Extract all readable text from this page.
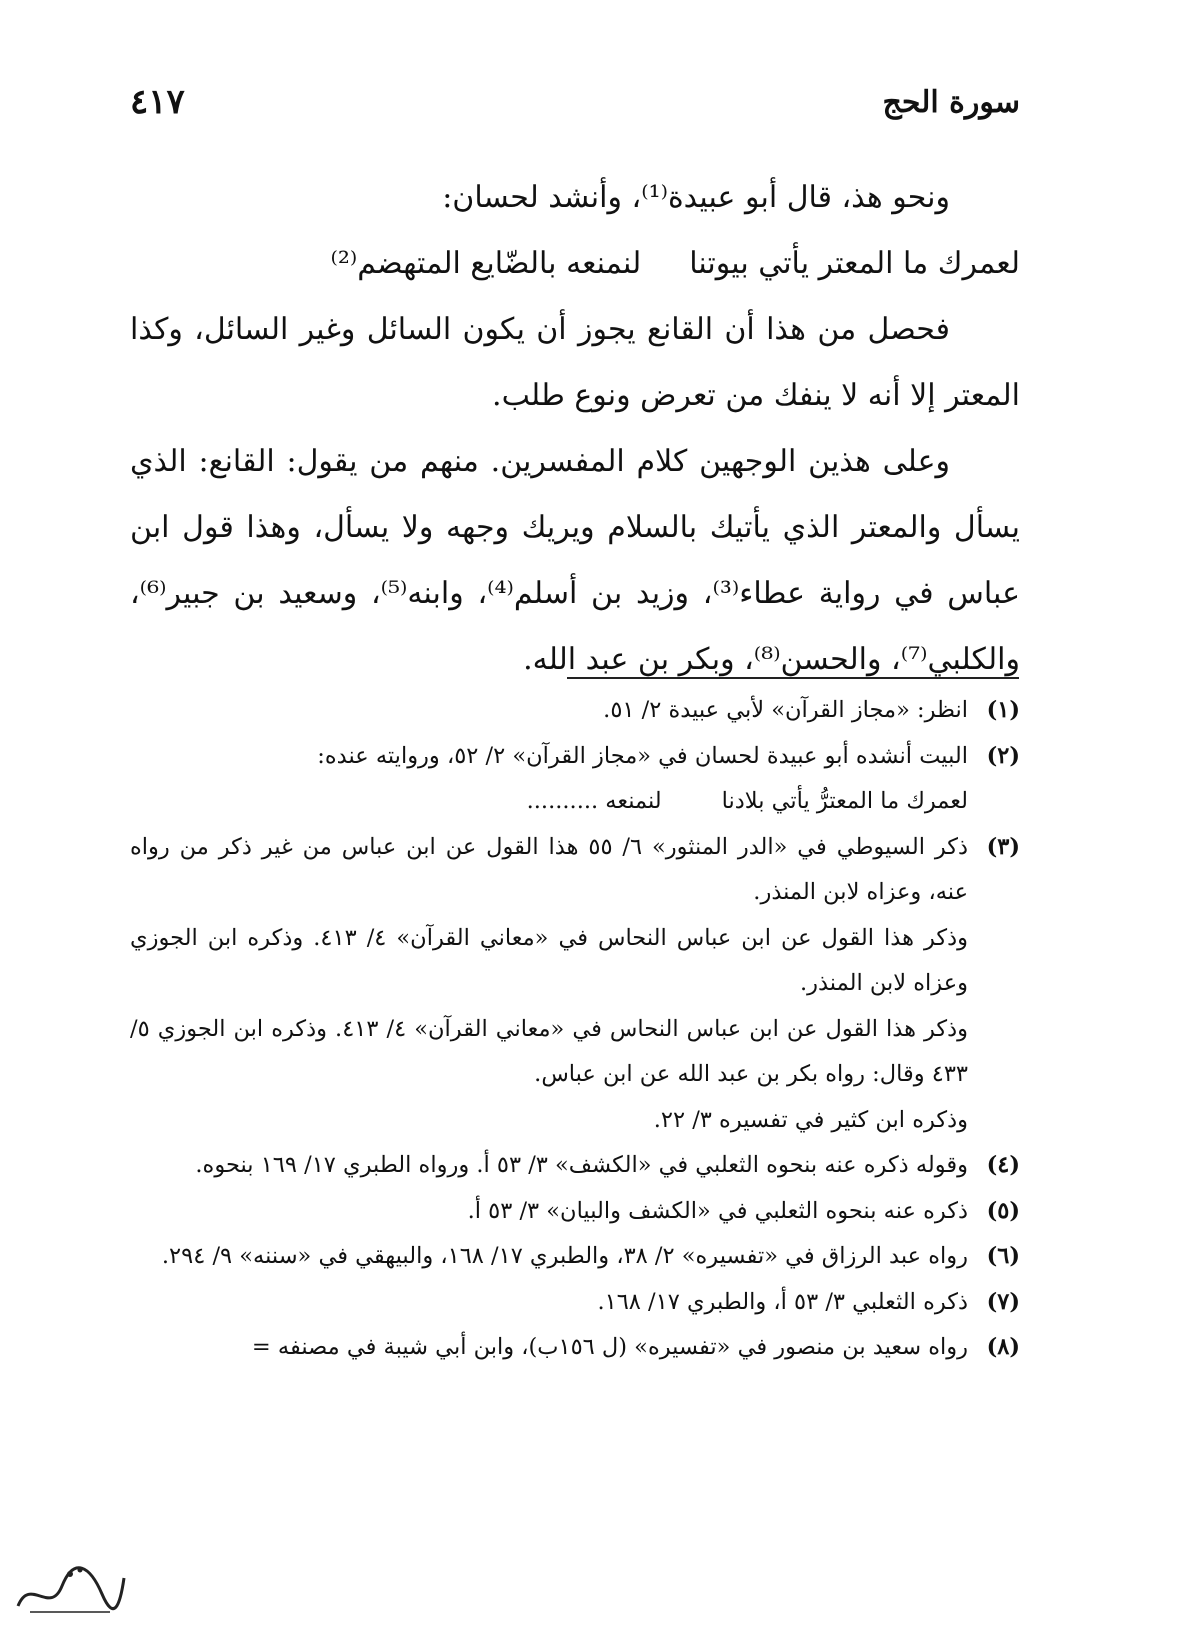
سورة الحج
٤١٧

ونحو هذ، قال أبو عبيدة⁽¹⁾، وأنشد لحسان:

لعمرك ما المعتر يأتي بيوتنا
لنمنعه بالضّايع المتهضم⁽²⁾

فحصل من هذا أن القانع يجوز أن يكون السائل وغير السائل، وكذا المعتر إلا أنه لا ينفك من تعرض ونوع طلب.

وعلى هذين الوجهين كلام المفسرين. منهم من يقول: القانع: الذي يسأل والمعتر الذي يأتيك بالسلام ويريك وجهه ولا يسأل، وهذا قول ابن عباس في رواية عطاء⁽³⁾، وزيد بن أسلم⁽⁴⁾، وابنه⁽⁵⁾، وسعيد بن جبير⁽⁶⁾، والكلبي⁽⁷⁾، والحسن⁽⁸⁾، وبكر بن عبد الله.

(١)

انظر: «مجاز القرآن» لأبي عبيدة ٢/ ٥١.

(٢)

البيت أنشده أبو عبيدة لحسان في «مجاز القرآن» ٢/ ٥٢، وروايته عنده:

لعمرك ما المعترُّ يأتي بلادنا
لنمنعه ..........
(٣)

ذكر السيوطي في «الدر المنثور» ٦/ ٥٥ هذا القول عن ابن عباس من غير ذكر من رواه عنه، وعزاه لابن المنذر.

وذكر هذا القول عن ابن عباس النحاس في «معاني القرآن» ٤/ ٤١٣. وذكره ابن الجوزي وعزاه لابن المنذر.

وذكر هذا القول عن ابن عباس النحاس في «معاني القرآن» ٤/ ٤١٣. وذكره ابن الجوزي ٥/ ٤٣٣ وقال: رواه بكر بن عبد الله عن ابن عباس.

وذكره ابن كثير في تفسيره ٣/ ٢٢.

(٤)

وقوله ذكره عنه بنحوه الثعلبي في «الكشف» ٣/ ٥٣ أ. ورواه الطبري ١٧/ ١٦٩ بنحوه.

(٥)

ذكره عنه بنحوه الثعلبي في «الكشف والبيان» ٣/ ٥٣ أ.

(٦)

رواه عبد الرزاق في «تفسيره» ٢/ ٣٨، والطبري ١٧/ ١٦٨، والبيهقي في «سننه» ٩/ ٢٩٤.

(٧)

ذكره الثعلبي ٣/ ٥٣ أ، والطبري ١٧/ ١٦٨.

(٨)

رواه سعيد بن منصور في «تفسيره» (ل ١٥٦ب)، وابن أبي شيبة في مصنفه =
